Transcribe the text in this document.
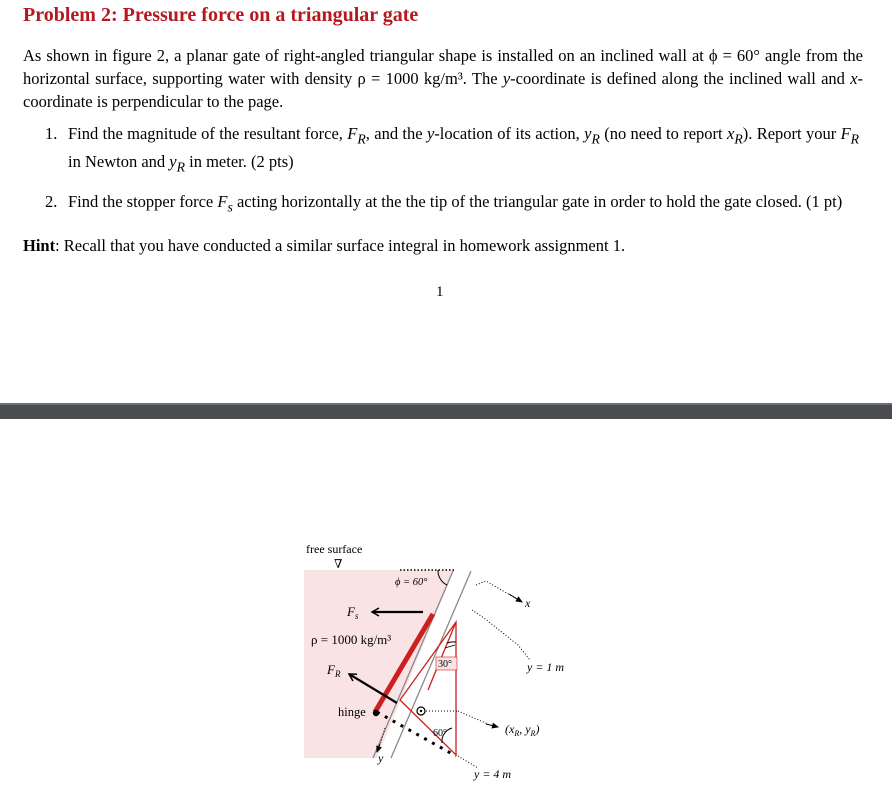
Problem 2: Pressure force on a triangular gate
As shown in figure 2, a planar gate of right-angled triangular shape is installed on an inclined wall at ϕ = 60° angle from the horizontal surface, supporting water with density ρ = 1000 kg/m³. The y-coordinate is defined along the inclined wall and x-coordinate is perpendicular to the page.
1. Find the magnitude of the resultant force, $F_R$, and the y-location of its action, $y_R$ (no need to report $x_R$). Report your $F_R$ in Newton and $y_R$ in meter. (2 pts)
2. Find the stopper force $F_s$ acting horizontally at the the tip of the triangular gate in order to hold the gate closed. (1 pt)
Hint: Recall that you have conducted a similar surface integral in homework assignment 1.
1
ϕ = 60°
$F_s$
ρ = 1000 kg/m³
$F_R$
30°
60°
hinge
free surface
∇
x
y = 1 m
($x_R$, $y_R$)
y
y = 4 m
